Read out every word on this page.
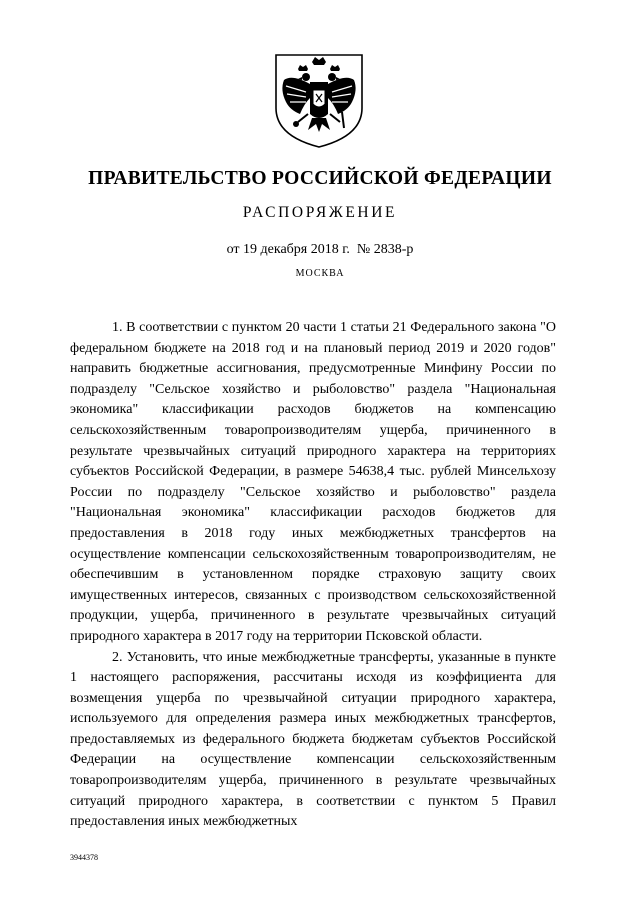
ПРАВИТЕЛЬСТВО РОССИЙСКОЙ ФЕДЕРАЦИИ
РАСПОРЯЖЕНИЕ
от 19 декабря 2018 г. № 2838-р
МОСКВА

1. В соответствии с пунктом 20 части 1 статьи 21 Федерального закона "О федеральном бюджете на 2018 год и на плановый период 2019 и 2020 годов" направить бюджетные ассигнования, предусмотренные Минфину России по подразделу "Сельское хозяйство и рыболовство" раздела "Национальная экономика" классификации расходов бюджетов на компенсацию сельскохозяйственным товаропроизводителям ущерба, причиненного в результате чрезвычайных ситуаций природного характера на территориях субъектов Российской Федерации, в размере 54638,4 тыс. рублей Минсельхозу России по подразделу "Сельское хозяйство и рыболовство" раздела "Национальная экономика" классификации расходов бюджетов для предоставления в 2018 году иных межбюджетных трансфертов на осуществление компенсации сельскохозяйственным товаропроизводителям, не обеспечившим в установленном порядке страховую защиту своих имущественных интересов, связанных с производством сельскохозяйственной продукции, ущерба, причиненного в результате чрезвычайных ситуаций природного характера в 2017 году на территории Псковской области.

2. Установить, что иные межбюджетные трансферты, указанные в пункте 1 настоящего распоряжения, рассчитаны исходя из коэффициента для возмещения ущерба по чрезвычайной ситуации природного характера, используемого для определения размера иных межбюджетных трансфертов, предоставляемых из федерального бюджета бюджетам субъектов Российской Федерации на осуществление компенсации сельскохозяйственным товаропроизводителям ущерба, причиненного в результате чрезвычайных ситуаций природного характера, в соответствии с пунктом 5 Правил предоставления иных межбюджетных

3944378
